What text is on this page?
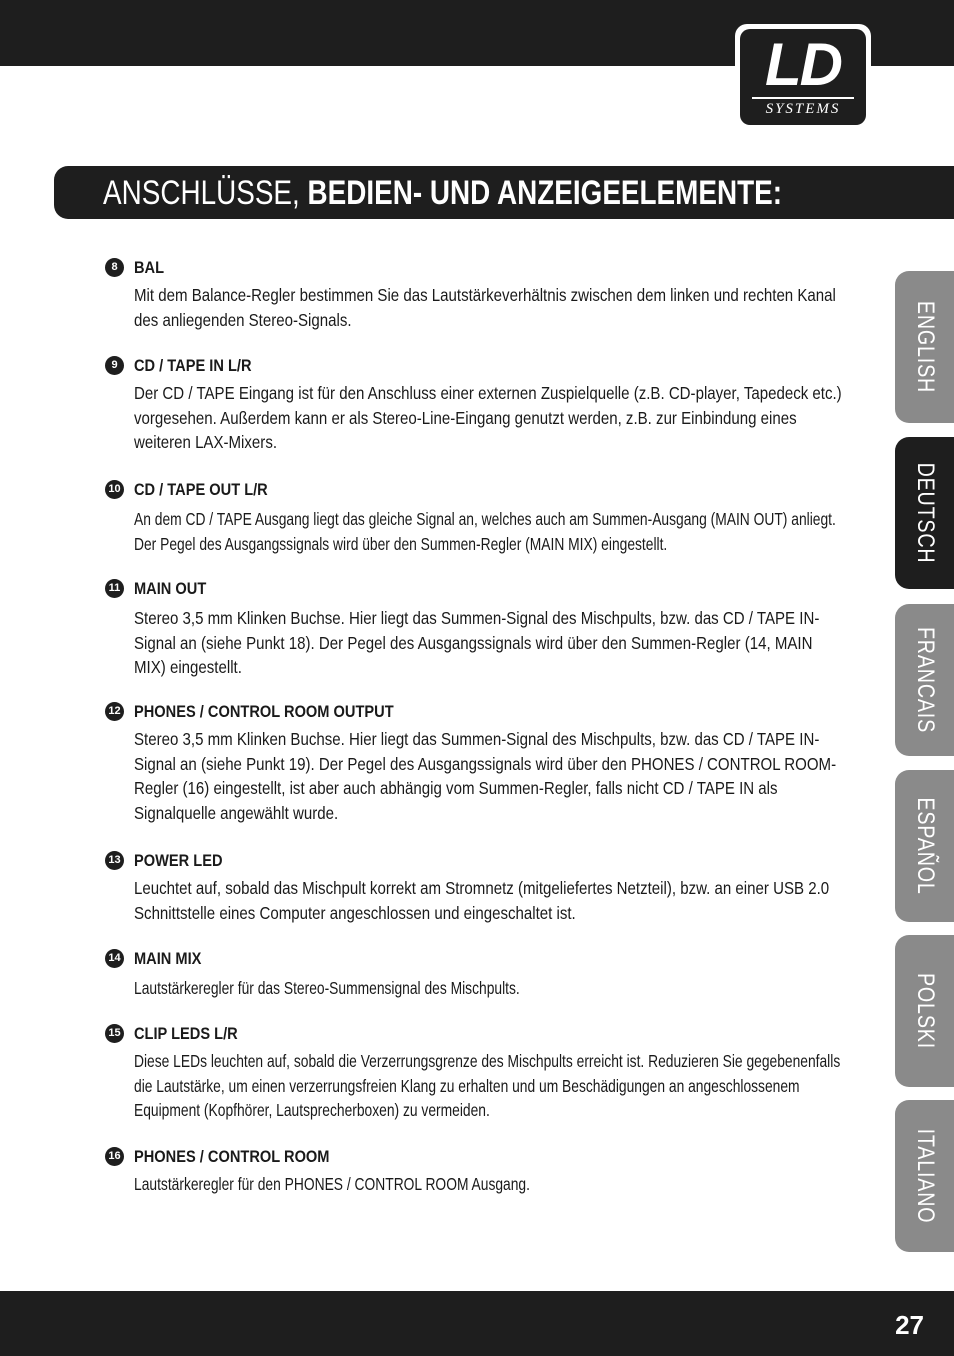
LD
SYSTEMS
ANSCHLÜSSE, BEDIEN- UND ANZEIGEELEMENTE:
ENGLISH
DEUTSCH
FRANCAIS
ESPAÑOL
POLSKI
ITALIANO
8 BAL

Mit dem Balance-Regler bestimmen Sie das Lautstärkeverhältnis zwischen dem linken und rechten Kanal des anliegenden Stereo-Signals.

9 CD / TAPE IN L/R

Der CD / TAPE Eingang ist für den Anschluss einer externen Zuspielquelle (z.B. CD-player, Tapedeck etc.) vorgesehen. Außerdem kann er als Stereo-Line-Eingang genutzt werden, z.B. zur Einbindung eines weiteren LAX-Mixers.

10 CD / TAPE OUT L/R

An dem CD / TAPE Ausgang liegt das gleiche Signal an, welches auch am Summen-Ausgang (MAIN OUT) anliegt. Der Pegel des Ausgangssignals wird über den Summen-Regler (MAIN MIX) eingestellt.

11 MAIN OUT

Stereo 3,5 mm Klinken Buchse. Hier liegt das Summen-Signal des Mischpults, bzw. das CD / TAPE IN-Signal an (siehe Punkt 18). Der Pegel des Ausgangssignals wird über den Summen-Regler (14, MAIN MIX) eingestellt.

12 PHONES / CONTROL ROOM OUTPUT

Stereo 3,5 mm Klinken Buchse. Hier liegt das Summen-Signal des Mischpults, bzw. das CD / TAPE IN-Signal an (siehe Punkt 19). Der Pegel des Ausgangssignals wird über den PHONES / CONTROL ROOM-Regler (16) eingestellt, ist aber auch abhängig vom Summen-Regler, falls nicht CD / TAPE IN als Signalquelle angewählt wurde.

13 POWER LED

Leuchtet auf, sobald das Mischpult korrekt am Stromnetz (mitgeliefertes Netzteil), bzw. an einer USB 2.0 Schnittstelle eines Computer angeschlossen und eingeschaltet ist.

14 MAIN MIX

Lautstärkeregler für das Stereo-Summensignal des Mischpults.

15 CLIP LEDS L/R

Diese LEDs leuchten auf, sobald die Verzerrungsgrenze des Mischpults erreicht ist. Reduzieren Sie gegebenenfalls die Lautstärke, um einen verzerrungsfreien Klang zu erhalten und um Beschädigungen an angeschlossenem Equipment (Kopfhörer, Lautsprecherboxen) zu vermeiden.

16 PHONES / CONTROL ROOM

Lautstärkeregler für den PHONES / CONTROL ROOM Ausgang.

27
